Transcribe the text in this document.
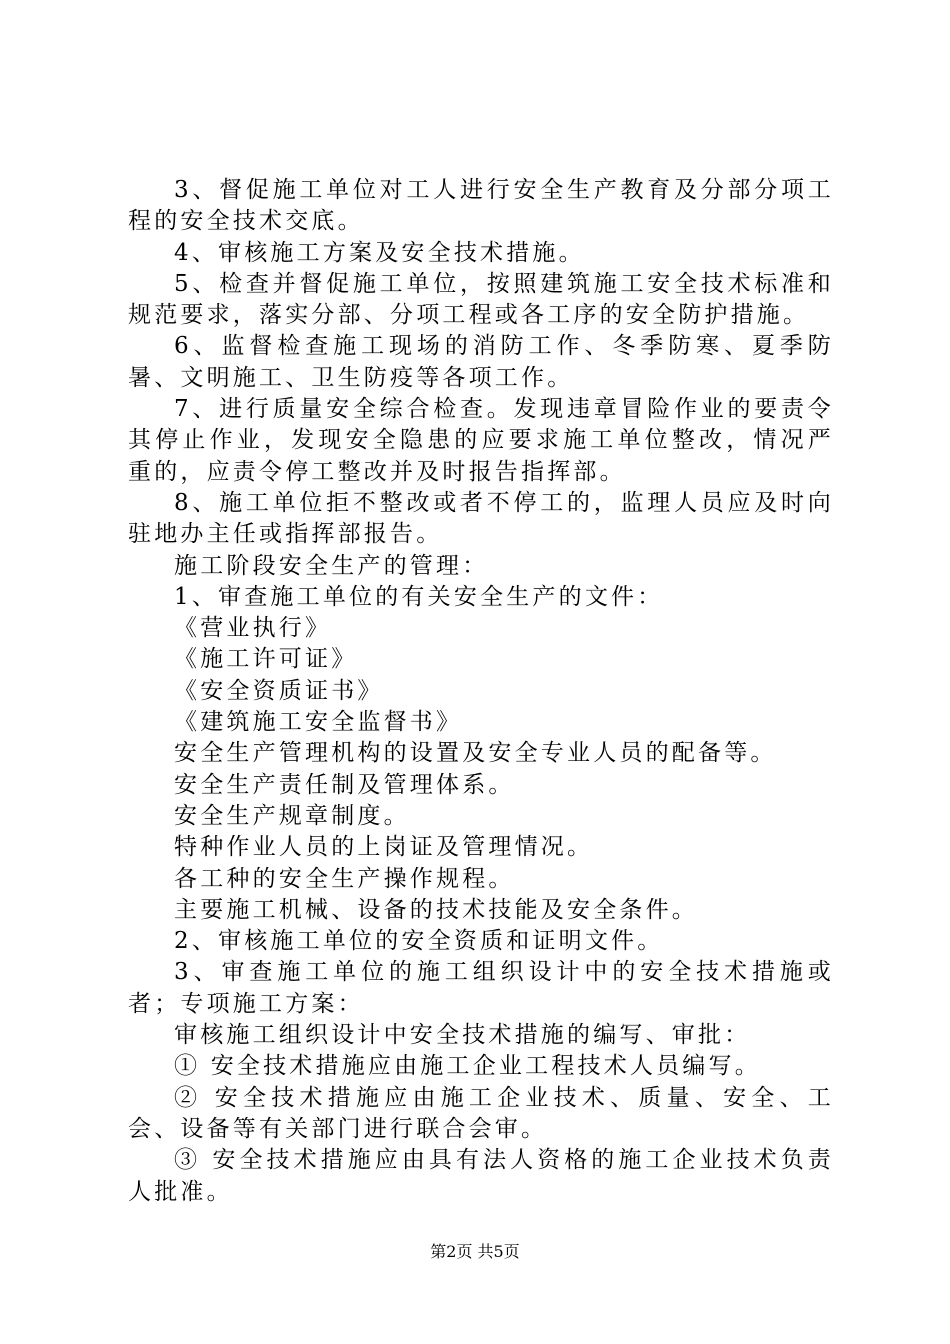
3、督促施工单位对工人进行安全生产教育及分部分项工程的安全技术交底。

4、审核施工方案及安全技术措施。

5、检查并督促施工单位，按照建筑施工安全技术标准和规范要求，落实分部、分项工程或各工序的安全防护措施。

6、监督检查施工现场的消防工作、冬季防寒、夏季防暑、文明施工、卫生防疫等各项工作。

7、进行质量安全综合检查。发现违章冒险作业的要责令其停止作业，发现安全隐患的应要求施工单位整改，情况严重的，应责令停工整改并及时报告指挥部。

8、施工单位拒不整改或者不停工的，监理人员应及时向驻地办主任或指挥部报告。

施工阶段安全生产的管理：

1、审查施工单位的有关安全生产的文件：

《营业执行》

《施工许可证》

《安全资质证书》

《建筑施工安全监督书》

安全生产管理机构的设置及安全专业人员的配备等。

安全生产责任制及管理体系。

安全生产规章制度。

特种作业人员的上岗证及管理情况。

各工种的安全生产操作规程。

主要施工机械、设备的技术技能及安全条件。

2、审核施工单位的安全资质和证明文件。

3、审查施工单位的施工组织设计中的安全技术措施或者；专项施工方案：

审核施工组织设计中安全技术措施的编写、审批：

① 安全技术措施应由施工企业工程技术人员编写。

② 安全技术措施应由施工企业技术、质量、安全、工会、设备等有关部门进行联合会审。

③ 安全技术措施应由具有法人资格的施工企业技术负责人批准。

第2页 共5页
